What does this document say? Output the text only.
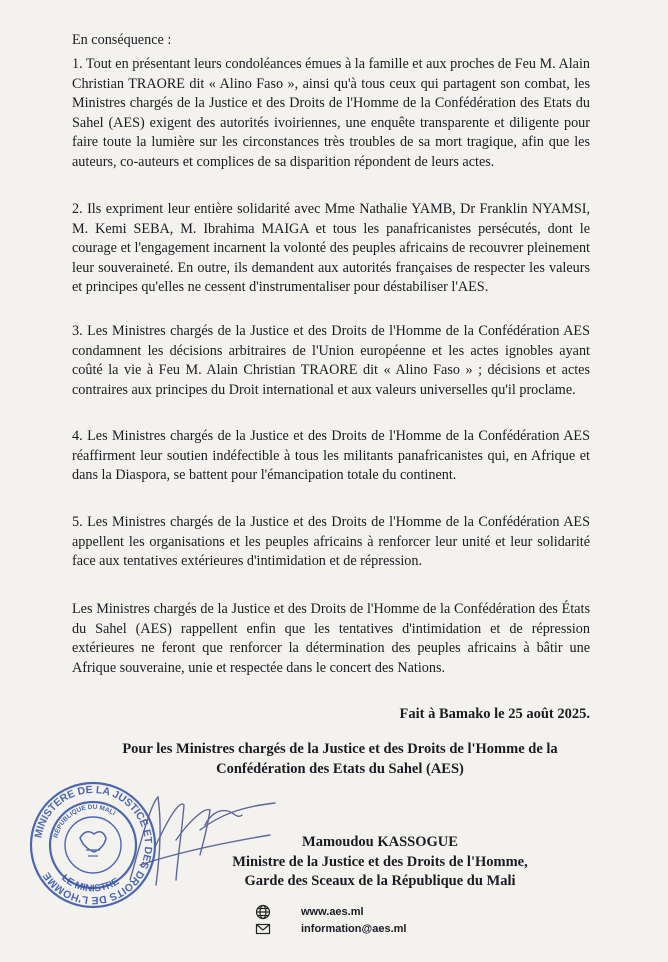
En conséquence :

1. Tout en présentant leurs condoléances émues à la famille et aux proches de Feu M. Alain Christian TRAORE dit « Alino Faso », ainsi qu'à tous ceux qui partagent son combat, les Ministres chargés de la Justice et des Droits de l'Homme de la Confédération des Etats du Sahel (AES) exigent des autorités ivoiriennes, une enquête transparente et diligente pour faire toute la lumière sur les circonstances très troubles de sa mort tragique, afin que les auteurs, co-auteurs et complices de sa disparition répondent de leurs actes.

2. Ils expriment leur entière solidarité avec Mme Nathalie YAMB, Dr Franklin NYAMSI, M. Kemi SEBA, M. Ibrahima MAIGA et tous les panafricanistes persécutés, dont le courage et l'engagement incarnent la volonté des peuples africains de recouvrer pleinement leur souveraineté. En outre, ils demandent aux autorités françaises de respecter les valeurs et principes qu'elles ne cessent d'instrumentaliser pour déstabiliser l'AES.

3. Les Ministres chargés de la Justice et des Droits de l'Homme de la Confédération AES condamnent les décisions arbitraires de l'Union européenne et les actes ignobles ayant coûté la vie à Feu M. Alain Christian TRAORE dit « Alino Faso » ; décisions et actes contraires aux principes du Droit international et aux valeurs universelles qu'il proclame.

4. Les Ministres chargés de la Justice et des Droits de l'Homme de la Confédération AES réaffirment leur soutien indéfectible à tous les militants panafricanistes qui, en Afrique et dans la Diaspora, se battent pour l'émancipation totale du continent.

5. Les Ministres chargés de la Justice et des Droits de l'Homme de la Confédération AES appellent les organisations et les peuples africains à renforcer leur unité et leur solidarité face aux tentatives extérieures d'intimidation et de répression.

Les Ministres chargés de la Justice et des Droits de l'Homme de la Confédération des États du Sahel (AES) rappellent enfin que les tentatives d'intimidation et de répression extérieures ne feront que renforcer la détermination des peuples africains à bâtir une Afrique souveraine, unie et respectée dans le concert des Nations.

Fait à Bamako le 25 août 2025.
Pour les Ministres chargés de la Justice et des Droits de l'Homme de la
Confédération des Etats du Sahel (AES)
MINISTERE DE LA JUSTICE ET DES DROITS DE L'HOMME
RÉPUBLIQUE DU MALI
LE MINISTRE
Mamoudou KASSOGUE
Ministre de la Justice et des Droits de l'Homme,
Garde des Sceaux de la République du Mali
www.aes.ml
information@aes.ml
